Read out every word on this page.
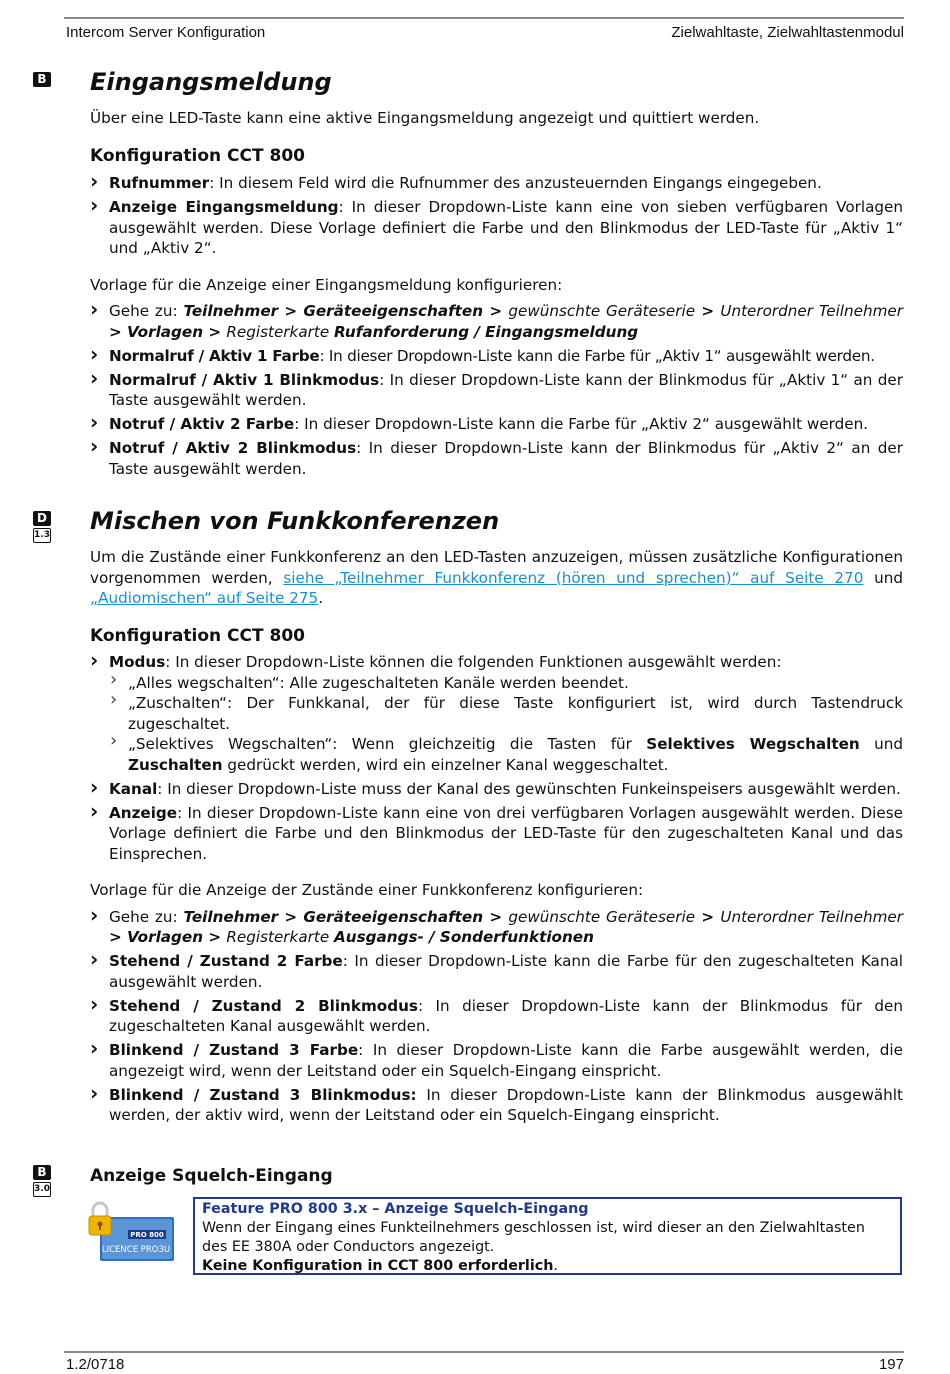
Intercom Server Konfiguration	Zielwahltaste, Zielwahltastenmodul
B Eingangsmeldung

Über eine LED-Taste kann eine aktive Eingangsmeldung angezeigt und quittiert werden.

Konfiguration CCT 800
› Rufnummer: In diesem Feld wird die Rufnummer des anzusteuernden Eingangs eingegeben.
› Anzeige Eingangsmeldung: In dieser Dropdown-Liste kann eine von sieben verfügbaren Vorlagen ausgewählt werden. Diese Vorlage definiert die Farbe und den Blinkmodus der LED-Taste für „Aktiv 1“ und „Aktiv 2“.

Vorlage für die Anzeige einer Eingangsmeldung konfigurieren:

› Gehe zu: Teilnehmer > Geräteeigenschaften > gewünschte Geräteserie > Unterordner Teilnehmer > Vorlagen > Registerkarte Rufanforderung / Eingangsmeldung
› Normalruf / Aktiv 1 Farbe: In dieser Dropdown-Liste kann die Farbe für „Aktiv 1“ ausgewählt werden.
› Normalruf / Aktiv 1 Blinkmodus: In dieser Dropdown-Liste kann der Blinkmodus für „Aktiv 1“ an der Taste ausgewählt werden.
› Notruf / Aktiv 2 Farbe: In dieser Dropdown-Liste kann die Farbe für „Aktiv 2“ ausgewählt werden.
› Notruf / Aktiv 2 Blinkmodus: In dieser Dropdown-Liste kann der Blinkmodus für „Aktiv 2“ an der Taste ausgewählt werden.
D
1.3 Mischen von Funkkonferenzen

Um die Zustände einer Funkkonferenz an den LED-Tasten anzuzeigen, müssen zusätzliche Konfigurationen vorgenommen werden, siehe „Teilnehmer Funkkonferenz (hören und sprechen)“ auf Seite 270 und „Audiomischen“ auf Seite 275.

Konfiguration CCT 800
› Modus: In dieser Dropdown-Liste können die folgenden Funktionen ausgewählt werden:
› „Alles wegschalten“: Alle zugeschalteten Kanäle werden beendet.
› „Zuschalten“: Der Funkkanal, der für diese Taste konfiguriert ist, wird durch Tastendruck zugeschaltet.
› „Selektives Wegschalten“: Wenn gleichzeitig die Tasten für Selektives Wegschalten und Zuschalten gedrückt werden, wird ein einzelner Kanal weggeschaltet.
› Kanal: In dieser Dropdown-Liste muss der Kanal des gewünschten Funkeinspeisers ausgewählt werden.
› Anzeige: In dieser Dropdown-Liste kann eine von drei verfügbaren Vorlagen ausgewählt werden. Diese Vorlage definiert die Farbe und den Blinkmodus der LED-Taste für den zugeschalteten Kanal und das Einsprechen.

Vorlage für die Anzeige der Zustände einer Funkkonferenz konfigurieren:

› Gehe zu: Teilnehmer > Geräteeigenschaften > gewünschte Geräteserie > Unterordner Teilnehmer > Vorlagen > Registerkarte Ausgangs- / Sonderfunktionen
› Stehend / Zustand 2 Farbe: In dieser Dropdown-Liste kann die Farbe für den zugeschalteten Kanal ausgewählt werden.
› Stehend / Zustand 2 Blinkmodus: In dieser Dropdown-Liste kann der Blinkmodus für den zugeschalteten Kanal ausgewählt werden.
› Blinkend / Zustand 3 Farbe: In dieser Dropdown-Liste kann die Farbe ausgewählt werden, die angezeigt wird, wenn der Leitstand oder ein Squelch-Eingang einspricht.
› Blinkend / Zustand 3 Blinkmodus: In dieser Dropdown-Liste kann der Blinkmodus ausgewählt werden, der aktiv wird, wenn der Leitstand oder ein Squelch-Eingang einspricht.
B
3.0
Anzeige Squelch-Eingang
PRO 800
LICENCE PRO3U
Feature PRO 800 3.x – Anzeige Squelch-Eingang
Wenn der Eingang eines Funkteilnehmers geschlossen ist, wird dieser an den Zielwahltasten des EE 380A oder Conductors angezeigt.
Keine Konfiguration in CCT 800 erforderlich.
1.2/0718	197
